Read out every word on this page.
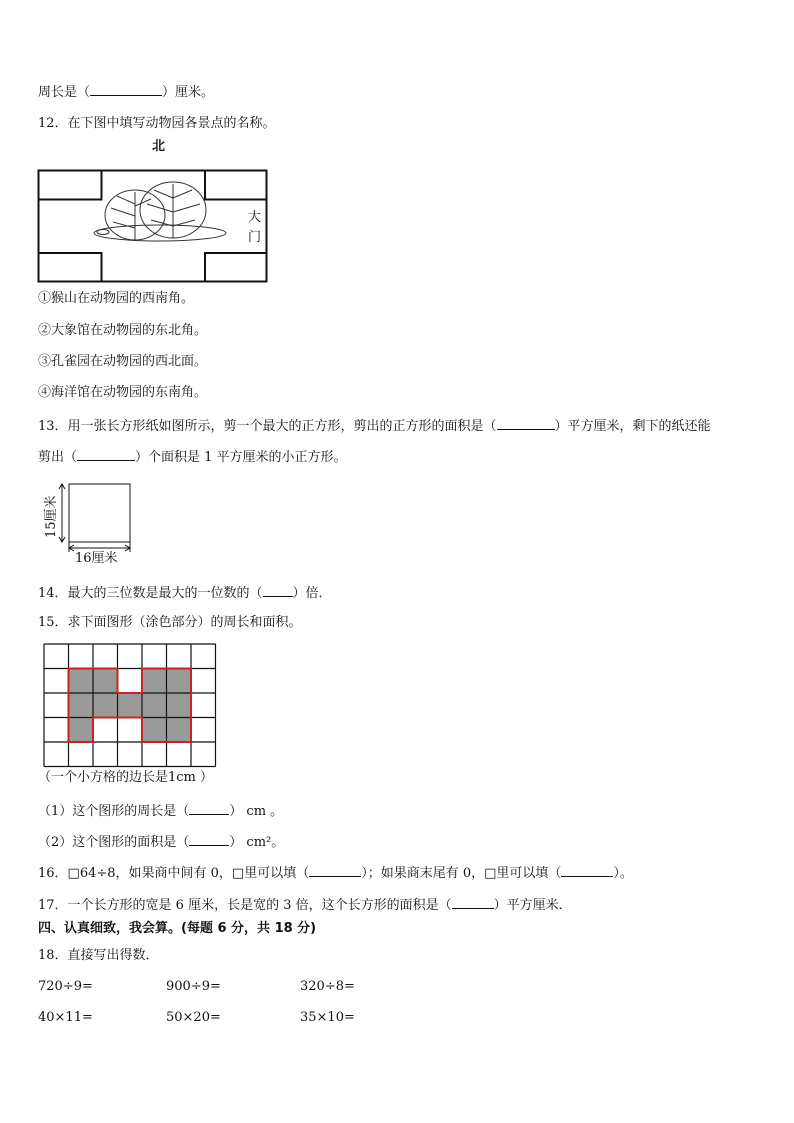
周长是（	）厘米。
12．在下图中填写动物园各景点的名称。
北
大
门
①猴山在动物园的西南角。
②大象馆在动物园的东北角。
③孔雀园在动物园的西北面。
④海洋馆在动物园的东南角。
13．用一张长方形纸如图所示，剪一个最大的正方形，剪出的正方形的面积是（	）平方厘米，剩下的纸还能
剪出（	）个面积是 1 平方厘米的小正方形。
15厘米
16厘米
14．最大的三位数是最大的一位数的（ ）倍．
15．求下面图形（涂色部分）的周长和面积。
（一个小方格的边长是1cm ）
（1）这个图形的周长是（	） cm 。
（2）这个图形的面积是（	） cm²。
16．□64÷8，如果商中间有 0，□里可以填（	）；如果商末尾有 0，□里可以填（	）。
17．一个长方形的宽是 6 厘米，长是宽的 3 倍，这个长方形的面积是（	）平方厘米．
四、认真细致，我会算。(每题 6 分，共 18 分)
18．直接写出得数．
720÷9=	900÷9=	320÷8=
40×11=	50×20=	35×10=
